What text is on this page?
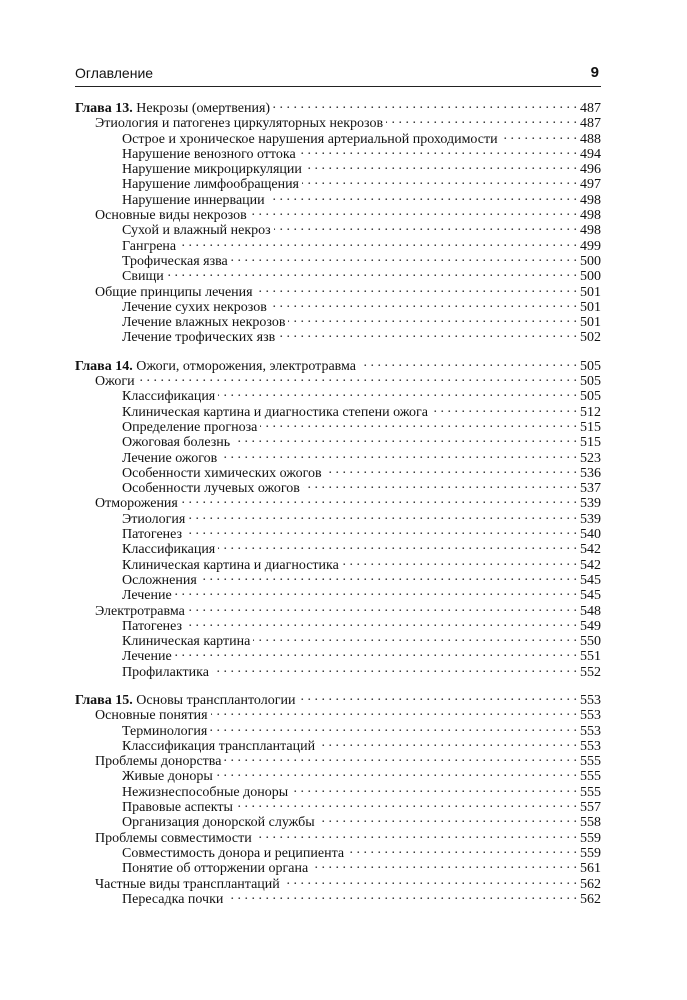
Оглавление	9
Глава 13. Некрозы (омертвения) . . .	487
Этиология и патогенез циркуляторных некрозов . . .	487
Острое и хроническое нарушения артериальной проходимости . . .	488
Нарушение венозного оттока . . .	494
Нарушение микроциркуляции . . .	496
Нарушение лимфообращения . . .	497
Нарушение иннервации . . .	498
Основные виды некрозов . . .	498
Сухой и влажный некроз . . .	498
Гангрена . . .	499
Трофическая язва . . .	500
Свищи . . .	500
Общие принципы лечения . . .	501
Лечение сухих некрозов . . .	501
Лечение влажных некрозов . . .	501
Лечение трофических язв . . .	502
Глава 14. Ожоги, отморожения, электротравма . . .	505
Ожоги . . .	505
Классификация . . .	505
Клиническая картина и диагностика степени ожога . . .	512
Определение прогноза . . .	515
Ожоговая болезнь . . .	515
Лечение ожогов . . .	523
Особенности химических ожогов . . .	536
Особенности лучевых ожогов . . .	537
Отморожения . . .	539
Этиология . . .	539
Патогенез . . .	540
Классификация . . .	542
Клиническая картина и диагностика . . .	542
Осложнения . . .	545
Лечение . . .	545
Электротравма . . .	548
Патогенез . . .	549
Клиническая картина . . .	550
Лечение . . .	551
Профилактика . . .	552
Глава 15. Основы трансплантологии . . .	553
Основные понятия . . .	553
Терминология . . .	553
Классификация трансплантаций . . .	553
Проблемы донорства . . .	555
Живые доноры . . .	555
Нежизнеспособные доноры . . .	555
Правовые аспекты . . .	557
Организация донорской службы . . .	558
Проблемы совместимости . . .	559
Совместимость донора и реципиента . . .	559
Понятие об отторжении органа . . .	561
Частные виды трансплантаций . . .	562
Пересадка почки . . .	562
